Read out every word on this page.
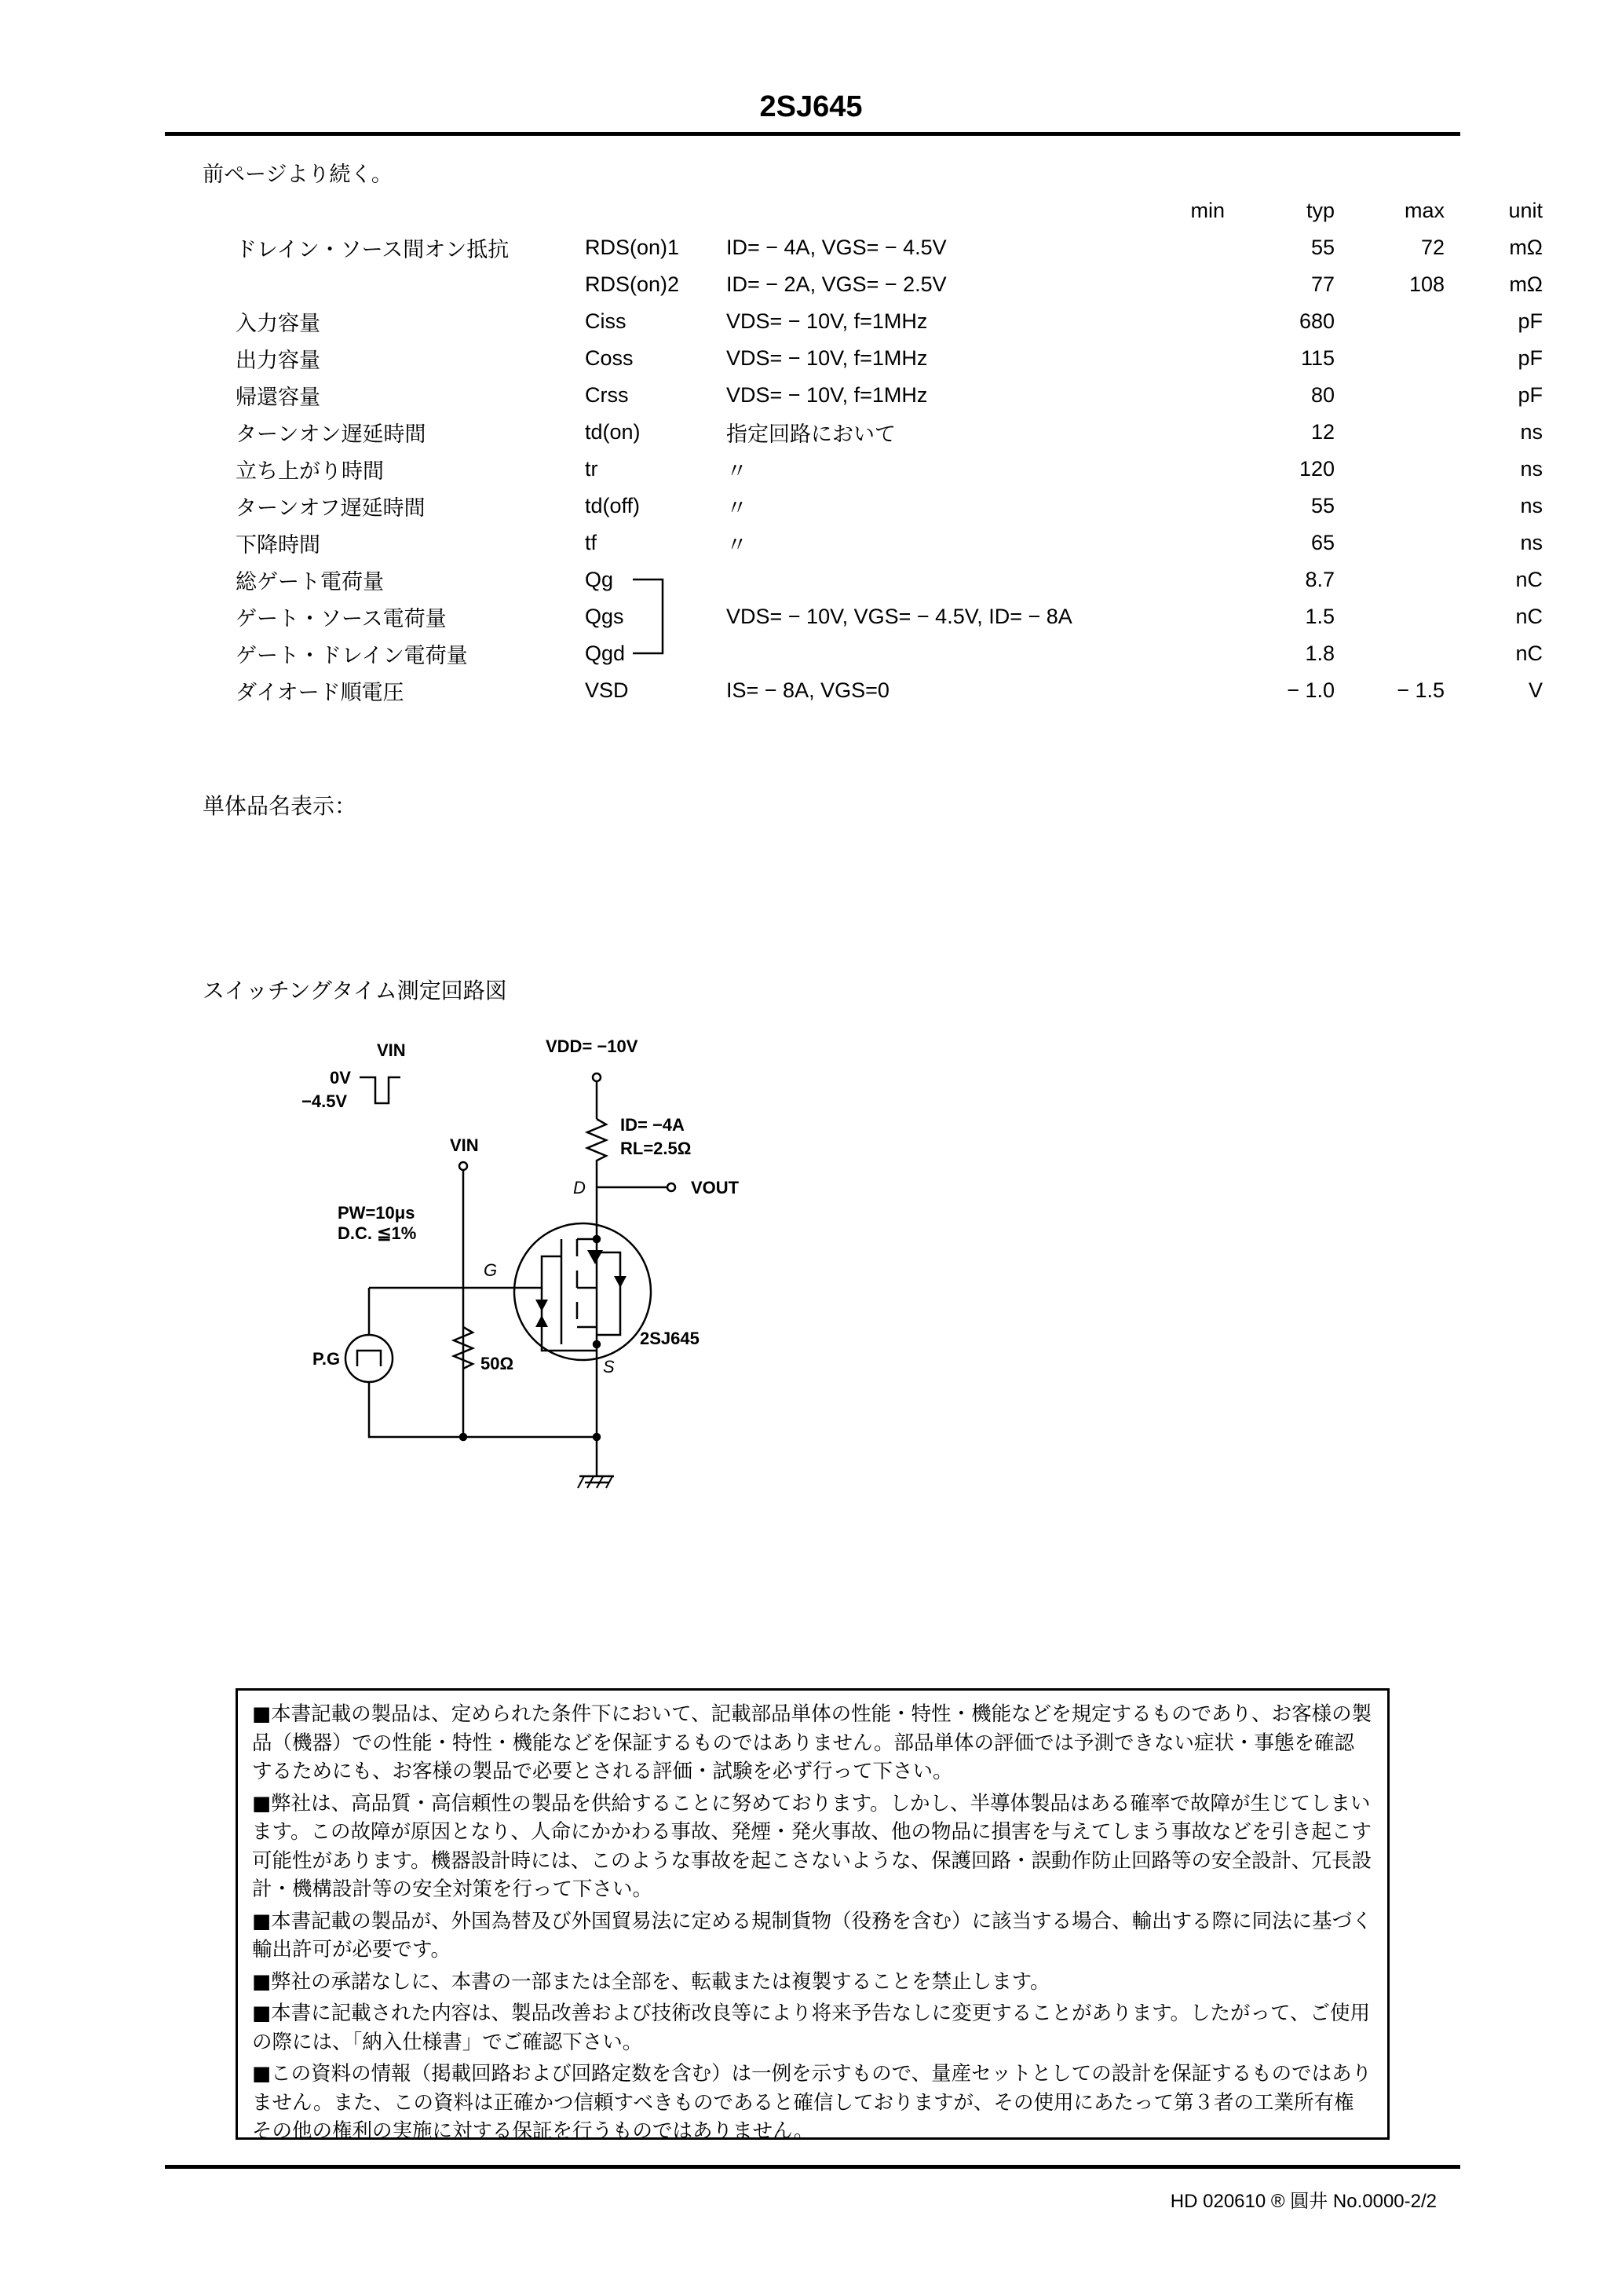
2SJ645
前ページより続く。
			min	typ	max	unit
ドレイン・ソース間オン抵抗	RDS(on)1	ID= − 4A, VGS= − 4.5V		55	72	mΩ
	RDS(on)2	ID= − 2A, VGS= − 2.5V		77	108	mΩ
入力容量	Ciss	VDS= − 10V, f=1MHz		680		pF
出力容量	Coss	VDS= − 10V, f=1MHz		115		pF
帰還容量	Crss	VDS= − 10V, f=1MHz		80		pF
ターンオン遅延時間	td(on)	指定回路において		12		ns
立ち上がり時間	tr	〃		120		ns
ターンオフ遅延時間	td(off)	〃		55		ns
下降時間	tf	〃		65		ns
総ゲート電荷量	Qg			8.7		nC
ゲート・ソース電荷量	Qgs	VDS= − 10V, VGS= − 4.5V, ID= − 8A		1.5		nC
ゲート・ドレイン電荷量	Qgd			1.8		nC
ダイオード順電圧	VSD	IS= − 8A, VGS=0		− 1.0	− 1.5	V
単体品名表示：
スイッチングタイム測定回路図
VIN
0V
−4.5V
VDD= −10V
ID= −4A
RL=2.5Ω
VOUT
VIN
PW=10μs
D.C. ≦1%
P.G	50Ω
2SJ645
D
G
S

■本書記載の製品は、定められた条件下において、記載部品単体の性能・特性・機能などを規定するものであり、お客様の製品（機器）での性能・特性・機能などを保証するものではありません。部品単体の評価では予測できない症状・事態を確認するためにも、お客様の製品で必要とされる評価・試験を必ず行って下さい。

■弊社は、高品質・高信頼性の製品を供給することに努めております。しかし、半導体製品はある確率で故障が生じてしまいます。この故障が原因となり、人命にかかわる事故、発煙・発火事故、他の物品に損害を与えてしまう事故などを引き起こす可能性があります。機器設計時には、このような事故を起こさないような、保護回路・誤動作防止回路等の安全設計、冗長設計・機構設計等の安全対策を行って下さい。

■本書記載の製品が、外国為替及び外国貿易法に定める規制貨物（役務を含む）に該当する場合、輸出する際に同法に基づく輸出許可が必要です。

■弊社の承諾なしに、本書の一部または全部を、転載または複製することを禁止します。

■本書に記載された内容は、製品改善および技術改良等により将来予告なしに変更することがあります。したがって、ご使用の際には、「納入仕様書」でご確認下さい。

■この資料の情報（掲載回路および回路定数を含む）は一例を示すもので、量産セットとしての設計を保証するものではありません。また、この資料は正確かつ信頼すべきものであると確信しておりますが、その使用にあたって第３者の工業所有権その他の権利の実施に対する保証を行うものではありません。

HD 020610 ® 圓井 No.0000-2/2
